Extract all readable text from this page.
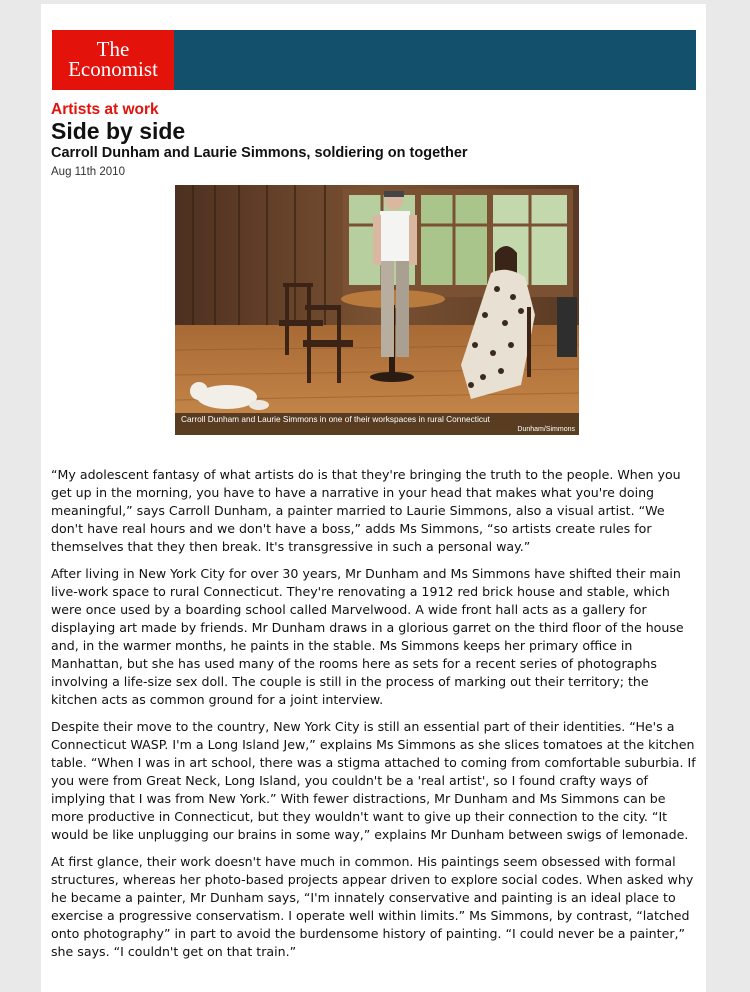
The
Economist
Artists at work
Side by side
Carroll Dunham and Laurie Simmons, soldiering on together
Aug 11th 2010
Carroll Dunham and Laurie Simmons in one of their workspaces in rural Connecticut
Dunham/Simmons

“My adolescent fantasy of what artists do is that they're bringing the truth to the people. When you get up in the morning, you have to have a narrative in your head that makes what you're doing meaningful,” says Carroll Dunham, a painter married to Laurie Simmons, also a visual artist. “We don't have real hours and we don't have a boss,” adds Ms Simmons, “so artists create rules for themselves that they then break. It's transgressive in such a personal way.”

After living in New York City for over 30 years, Mr Dunham and Ms Simmons have shifted their main live-work space to rural Connecticut. They're renovating a 1912 red brick house and stable, which were once used by a boarding school called Marvelwood. A wide front hall acts as a gallery for displaying art made by friends. Mr Dunham draws in a glorious garret on the third floor of the house and, in the warmer months, he paints in the stable. Ms Simmons keeps her primary office in Manhattan, but she has used many of the rooms here as sets for a recent series of photographs involving a life-size sex doll. The couple is still in the process of marking out their territory; the kitchen acts as common ground for a joint interview.

Despite their move to the country, New York City is still an essential part of their identities. “He's a Connecticut WASP. I'm a Long Island Jew,” explains Ms Simmons as she slices tomatoes at the kitchen table. “When I was in art school, there was a stigma attached to coming from comfortable suburbia. If you were from Great Neck, Long Island, you couldn't be a 'real artist', so I found crafty ways of implying that I was from New York.” With fewer distractions, Mr Dunham and Ms Simmons can be more productive in Connecticut, but they wouldn't want to give up their connection to the city. “It would be like unplugging our brains in some way,” explains Mr Dunham between swigs of lemonade.

At first glance, their work doesn't have much in common. His paintings seem obsessed with formal structures, whereas her photo-based projects appear driven to explore social codes. When asked why he became a painter, Mr Dunham says, “I'm innately conservative and painting is an ideal place to exercise a progressive conservatism. I operate well within limits.” Ms Simmons, by contrast, “latched onto photography” in part to avoid the burdensome history of painting. “I could never be a painter,” she says. “I couldn't get on that train.”
